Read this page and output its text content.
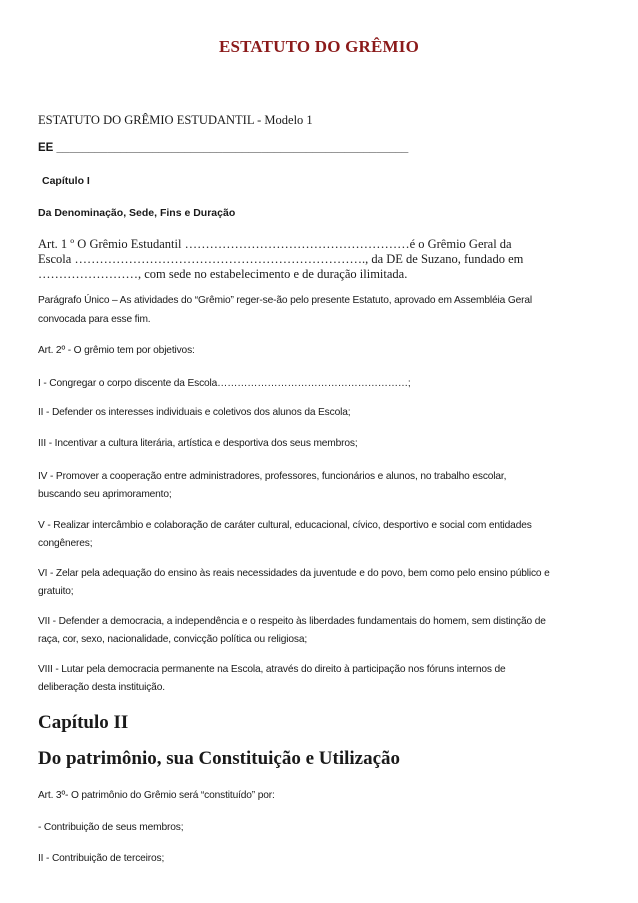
ESTATUTO DO GRÊMIO
ESTATUTO DO GRÊMIO ESTUDANTIL - Modelo 1
EE _______________________________________________________
Capítulo I
Da Denominação, Sede, Fins e Duração
Art. 1 º O Grêmio Estudantil ………………………………………………é o Grêmio Geral da
Escola ……………………………………………………………., da DE de Suzano, fundado em
……………………, com sede no estabelecimento e de duração ilimitada.
Parágrafo Único – As atividades do “Grêmio” reger-se-ão pelo presente Estatuto, aprovado em Assembléia Geral
convocada para esse fim.
Art. 2º - O grêmio tem por objetivos:
I - Congregar o corpo discente da Escola…………………………………………………;
II - Defender os interesses individuais e coletivos dos alunos da Escola;
III - Incentivar a cultura literária, artística e desportiva dos seus membros;
IV - Promover a cooperação entre administradores, professores, funcionários e alunos, no trabalho escolar,
buscando seu aprimoramento;
V - Realizar intercâmbio e colaboração de caráter cultural, educacional, cívico, desportivo e social com entidades
congêneres;
VI - Zelar pela adequação do ensino às reais necessidades da juventude e do povo, bem como pelo ensino público e
gratuito;
VII - Defender a democracia, a independência e o respeito às liberdades fundamentais do homem, sem distinção de
raça, cor, sexo, nacionalidade, convicção política ou religiosa;
VIII - Lutar pela democracia permanente na Escola, através do direito à participação nos fóruns internos de
deliberação desta instituição.
Capítulo II
Do patrimônio, sua Constituição e Utilização
Art. 3º- O patrimônio do Grêmio será “constituído” por:
- Contribuição de seus membros;
II - Contribuição de terceiros;
